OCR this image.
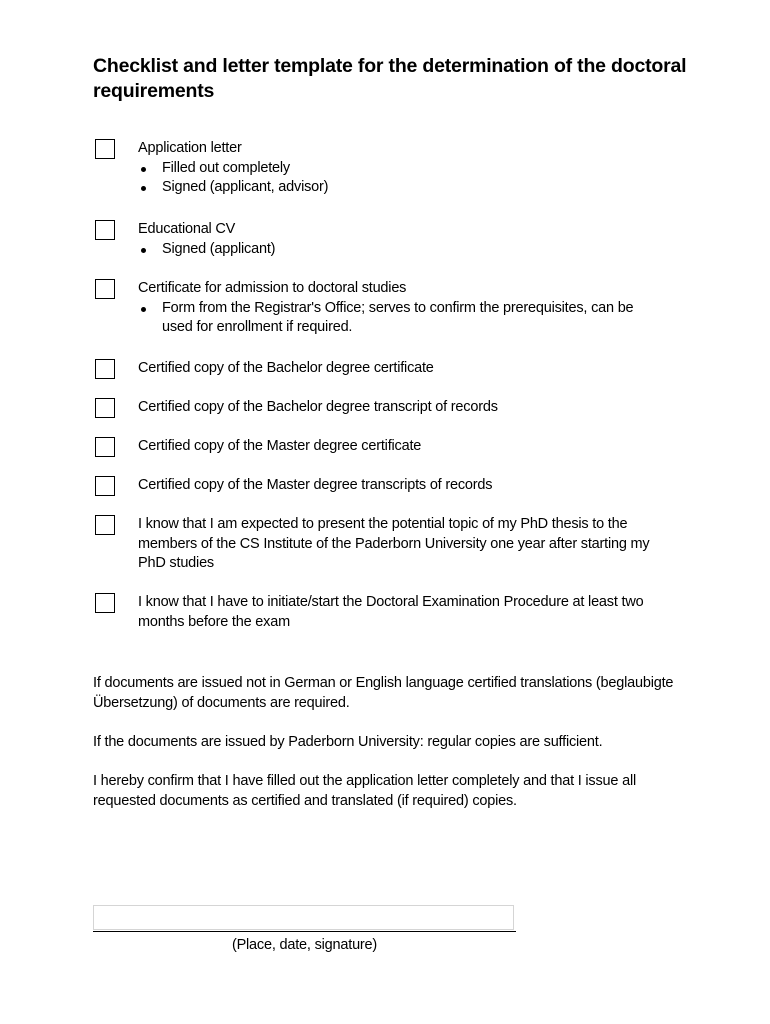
Checklist and letter template for the determination of the doctoral requirements
Application letter
Filled out completely
Signed (applicant, advisor)
Educational CV
Signed (applicant)
Certificate for admission to doctoral studies
Form from the Registrar's Office; serves to confirm the prerequisites, can be used for enrollment if required.
Certified copy of the Bachelor degree certificate
Certified copy of the Bachelor degree transcript of records
Certified copy of the Master degree certificate
Certified copy of the Master degree transcripts of records
I know that I am expected to present the potential topic of my PhD thesis to the members of the CS Institute of the Paderborn University one year after starting my PhD studies
I know that I have to initiate/start the Doctoral Examination Procedure at least two months before the exam
If documents are issued not in German or English language certified translations (beglaubigte Übersetzung) of documents are required.
If the documents are issued by Paderborn University: regular copies are sufficient.
I hereby confirm that I have filled out the application letter completely and that I issue all requested documents as certified and translated (if required) copies.
(Place, date, signature)
